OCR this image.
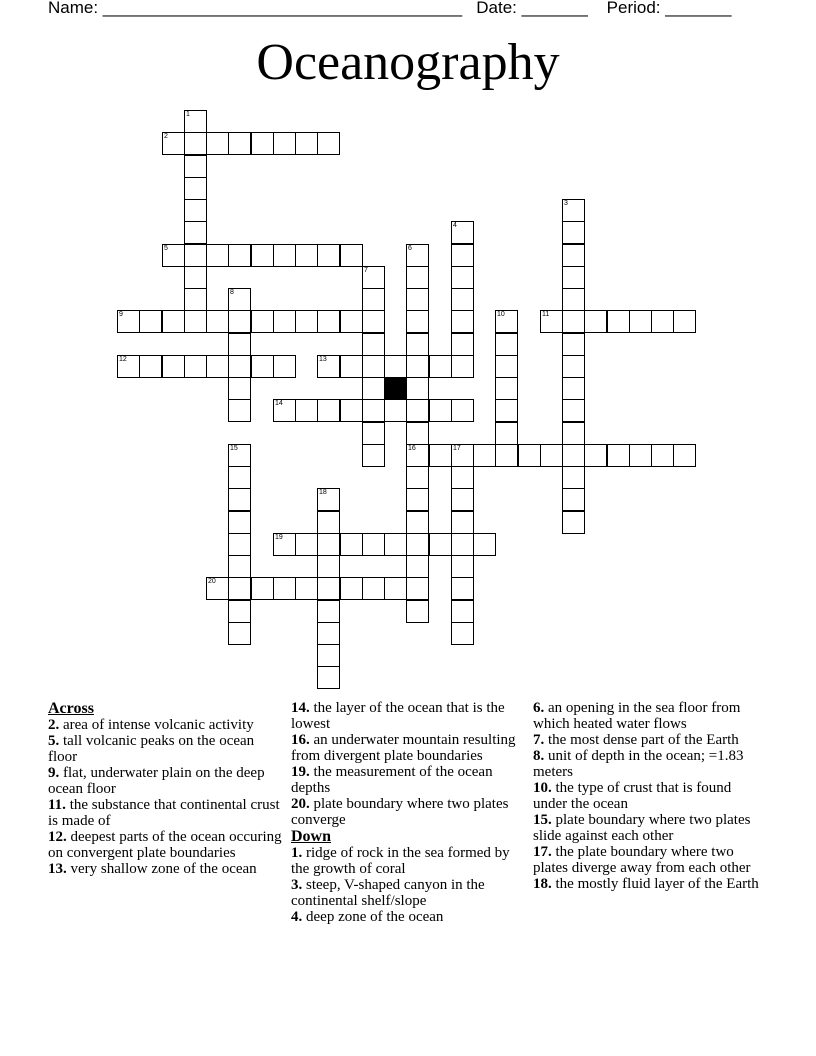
Name: ______________________________________   Date: _______    Period: _______
Oceanography
1
2
3
4
5	6
16
7
8
9	10	11
12	13
14
15	17
18
19
20
Across
2. area of intense volcanic activity
5. tall volcanic peaks on the ocean floor
9. flat, underwater plain on the deep ocean floor
11. the substance that continental crust is made of
12. deepest parts of the ocean occuring on convergent plate boundaries
13. very shallow zone of the ocean
14. the layer of the ocean that is the lowest
16. an underwater mountain resulting from divergent plate boundaries
19. the measurement of the ocean depths
20. plate boundary where two plates converge
Down
1. ridge of rock in the sea formed by the growth of coral
3. steep, V-shaped canyon in the continental shelf/slope
4. deep zone of the ocean
6. an opening in the sea floor from which heated water flows
7. the most dense part of the Earth
8. unit of depth in the ocean; =1.83 meters
10. the type of crust that is found under the ocean
15. plate boundary where two plates slide against each other
17. the plate boundary where two plates diverge away from each other
18. the mostly fluid layer of the Earth
